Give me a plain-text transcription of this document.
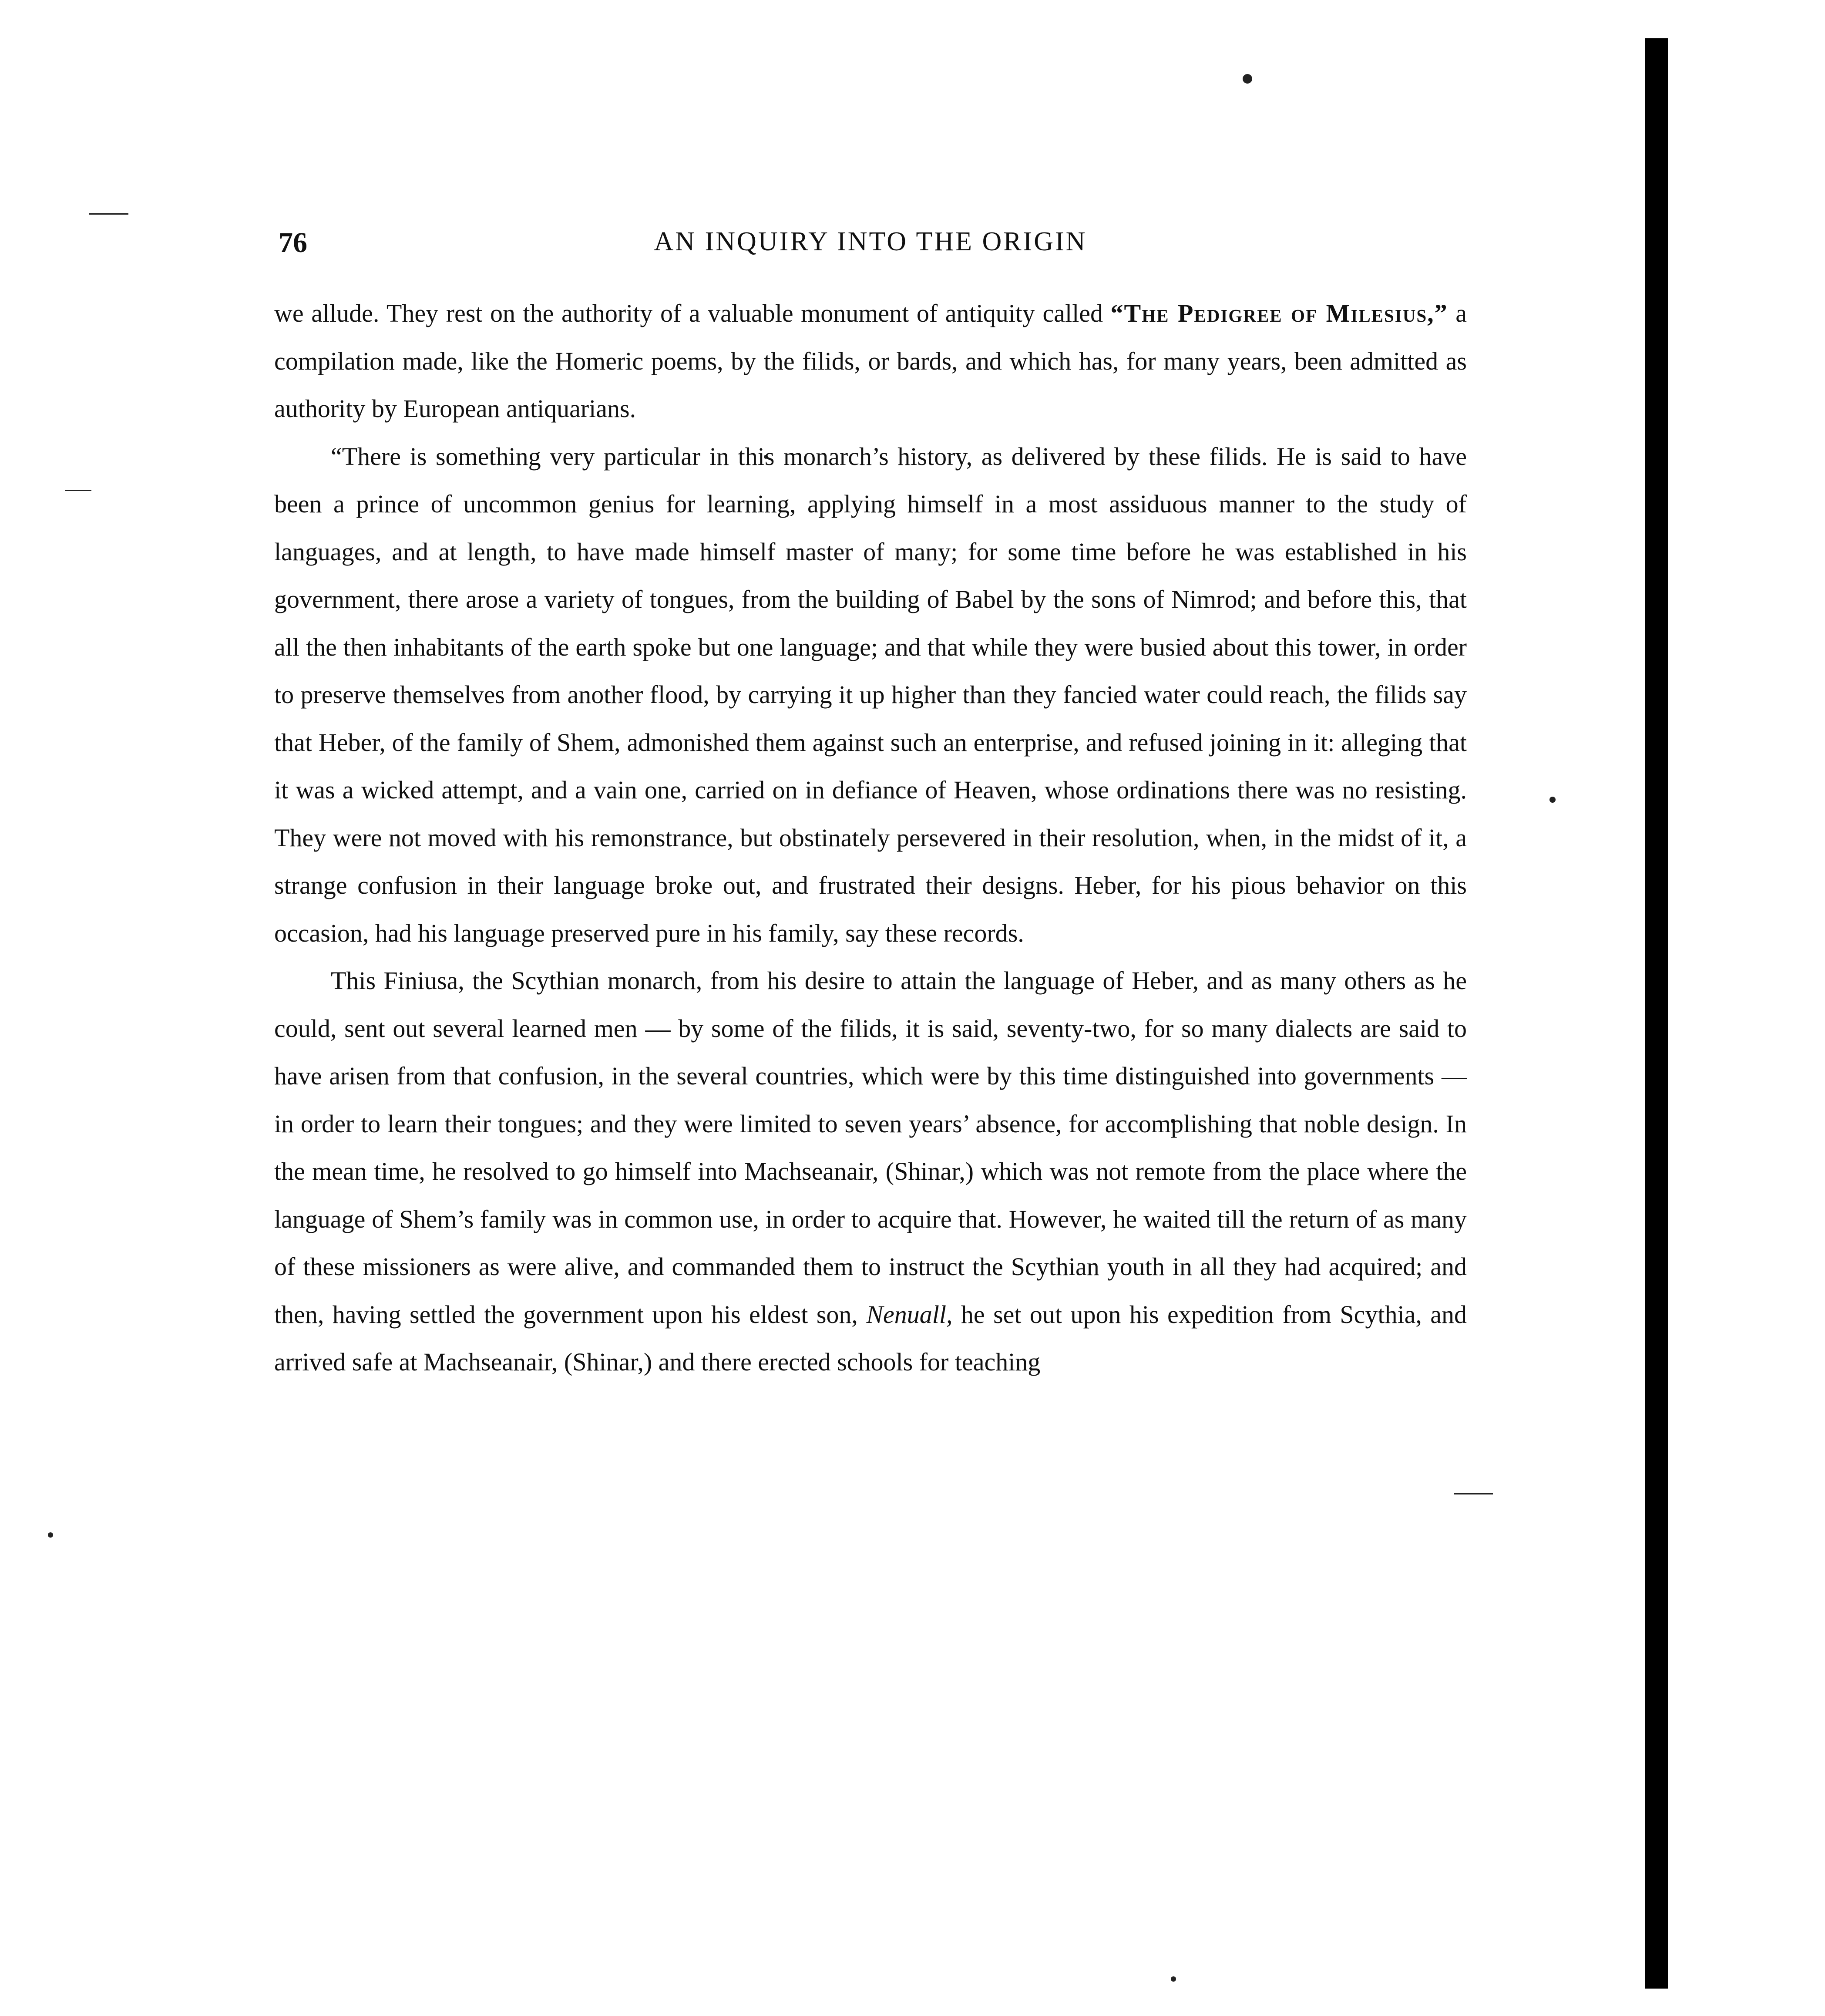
76	AN INQUIRY INTO THE ORIGIN

we allude. They rest on the authority of a valuable monument of antiquity called “The Pedigree of Milesius,” a compilation made, like the Homeric poems, by the filids, or bards, and which has, for many years, been admitted as authority by European antiquarians.

“There is something very particular in this monarch’s history, as delivered by these filids. He is said to have been a prince of uncommon genius for learning, applying himself in a most assiduous manner to the study of languages, and at length, to have made himself master of many; for some time before he was established in his government, there arose a variety of tongues, from the building of Babel by the sons of Nimrod; and before this, that all the then inhabitants of the earth spoke but one language; and that while they were busied about this tower, in order to preserve themselves from another flood, by carrying it up higher than they fancied water could reach, the filids say that Heber, of the family of Shem, admonished them against such an enterprise, and refused joining in it: alleging that it was a wicked attempt, and a vain one, carried on in defiance of Heaven, whose ordinations there was no resisting. They were not moved with his remonstrance, but obstinately persevered in their resolution, when, in the midst of it, a strange confusion in their language broke out, and frustrated their designs. Heber, for his pious behavior on this occasion, had his language preserved pure in his family, say these records.

This Finiusa, the Scythian monarch, from his desire to attain the language of Heber, and as many others as he could, sent out several learned men — by some of the filids, it is said, seventy-two, for so many dialects are said to have arisen from that confusion, in the several countries, which were by this time distinguished into governments — in order to learn their tongues; and they were limited to seven years’ absence, for accomplishing that noble design. In the mean time, he resolved to go himself into Machseanair, (Shinar,) which was not remote from the place where the language of Shem’s family was in common use, in order to acquire that. However, he waited till the return of as many of these missioners as were alive, and commanded them to instruct the Scythian youth in all they had acquired; and then, having settled the government upon his eldest son, Nenuall, he set out upon his expedition from Scythia, and arrived safe at Machseanair, (Shinar,) and there erected schools for teaching
